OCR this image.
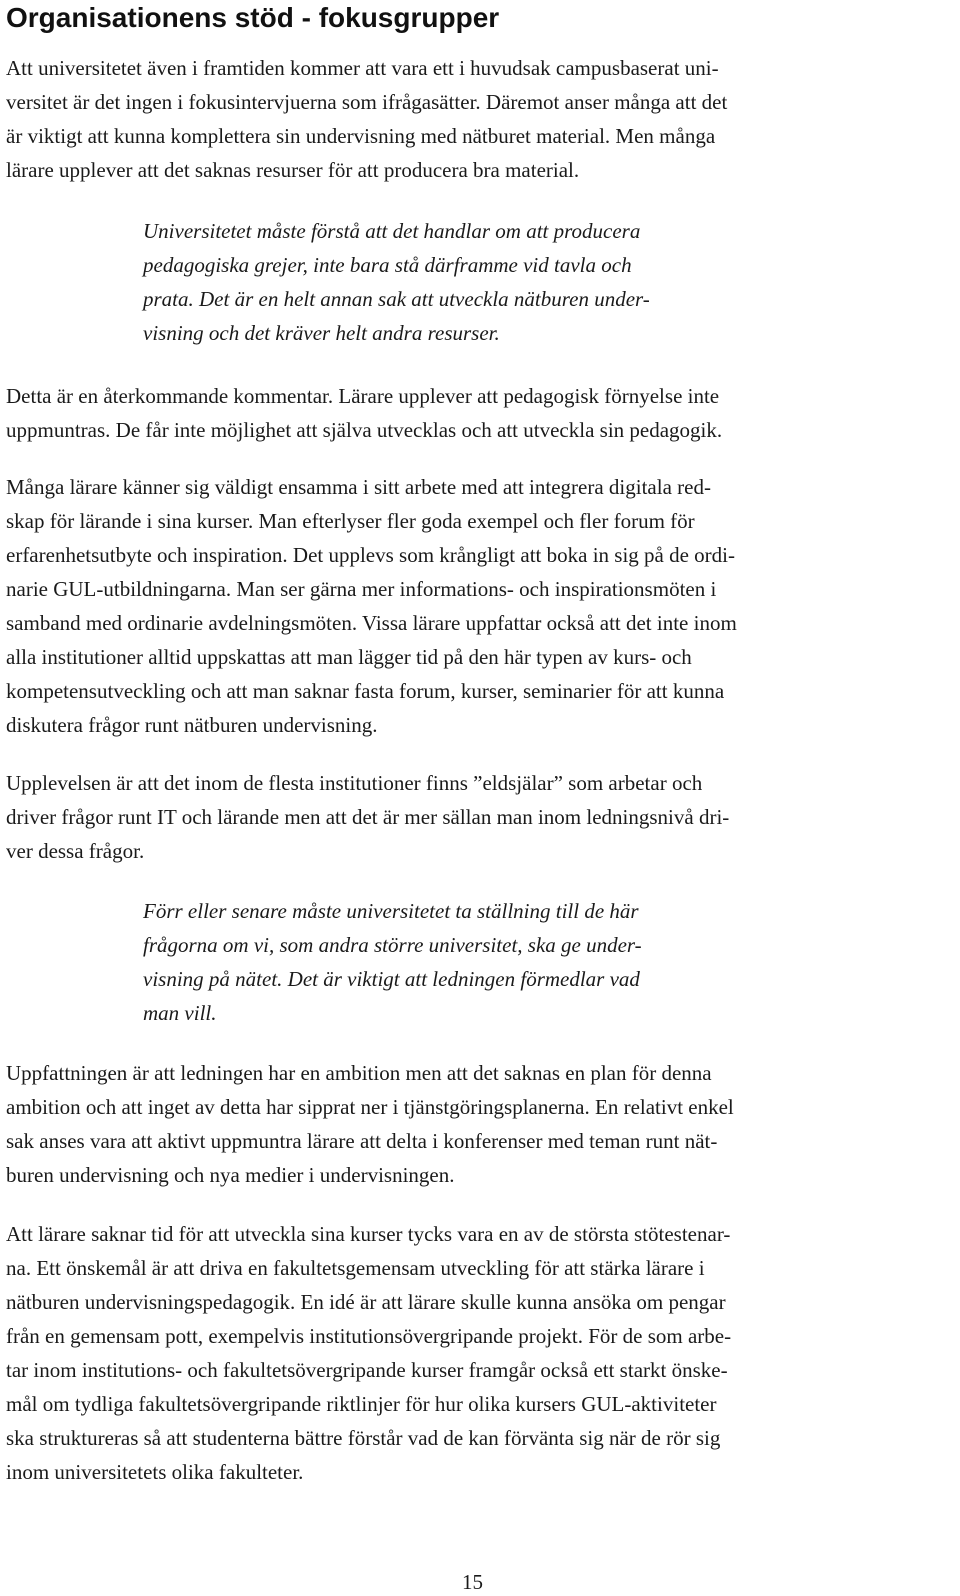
Organisationens stöd - fokusgrupper

Att universitetet även i framtiden kommer att vara ett i huvudsak campusbaserat uni-
versitet är det ingen i fokusintervjuerna som ifrågasätter. Däremot anser många att det
är viktigt att kunna komplettera sin undervisning med nätburet material. Men många
lärare upplever att det saknas resurser för att producera bra material.

Universitetet måste förstå att det handlar om att producera
pedagogiska grejer, inte bara stå därframme vid tavla och
prata. Det är en helt annan sak att utveckla nätburen under-
visning och det kräver helt andra resurser.

Detta är en återkommande kommentar. Lärare upplever att pedagogisk förnyelse inte
uppmuntras. De får inte möjlighet att själva utvecklas och att utveckla sin pedagogik.

Många lärare känner sig väldigt ensamma i sitt arbete med att integrera digitala red-
skap för lärande i sina kurser. Man efterlyser fler goda exempel och fler forum för
erfarenhetsutbyte och inspiration. Det upplevs som krångligt att boka in sig på de ordi-
narie GUL-utbildningarna. Man ser gärna mer informations- och inspirationsmöten i
samband med ordinarie avdelningsmöten. Vissa lärare uppfattar också att det inte inom
alla institutioner alltid uppskattas att man lägger tid på den här typen av kurs- och
kompetensutveckling och att man saknar fasta forum, kurser, seminarier för att kunna
diskutera frågor runt nätburen undervisning.

Upplevelsen är att det inom de flesta institutioner finns ”eldsjälar” som arbetar och
driver frågor runt IT och lärande men att det är mer sällan man inom ledningsnivå dri-
ver dessa frågor.

Förr eller senare måste universitetet ta ställning till de här
frågorna om vi, som andra större universitet, ska ge under-
visning på nätet. Det är viktigt att ledningen förmedlar vad
man vill.

Uppfattningen är att ledningen har en ambition men att det saknas en plan för denna
ambition och att inget av detta har sipprat ner i tjänstgöringsplanerna. En relativt enkel
sak anses vara att aktivt uppmuntra lärare att delta i konferenser med teman runt nät-
buren undervisning och nya medier i undervisningen.

Att lärare saknar tid för att utveckla sina kurser tycks vara en av de största stötestenar-
na. Ett önskemål är att driva en fakultetsgemensam utveckling för att stärka lärare i
nätburen undervisningspedagogik. En idé är att lärare skulle kunna ansöka om pengar
från en gemensam pott, exempelvis institutionsövergripande projekt. För de som arbe-
tar inom institutions- och fakultetsövergripande kurser framgår också ett starkt önske-
mål om tydliga fakultetsövergripande riktlinjer för hur olika kursers GUL-aktiviteter
ska struktureras så att studenterna bättre förstår vad de kan förvänta sig när de rör sig
inom universitetets olika fakulteter.

15
